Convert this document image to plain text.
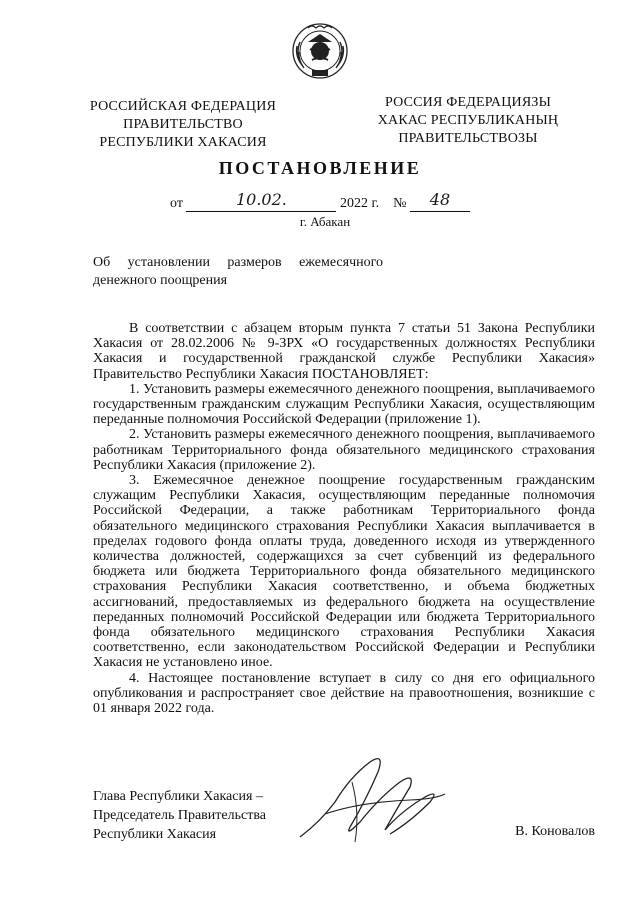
РОССИЙСКАЯ ФЕДЕРАЦИЯ
ПРАВИТЕЛЬСТВО
РЕСПУБЛИКИ ХАКАСИЯ
РОССИЯ ФЕДЕРАЦИЯЗЫ
ХАКАС РЕСПУБЛИКАНЫҢ
ПРАВИТЕЛЬСТВОЗЫ
ПОСТАНОВЛЕНИЕ
от	10.02.	2022 г. № 48
г. Абакан
Об установлении размеров ежемесячного денежного поощрения

В соответствии с абзацем вторым пункта 7 статьи 51 Закона Республики Хакасия от 28.02.2006 № 9-ЗРХ «О государственных должностях Республики Хакасия и государственной гражданской службе Республики Хакасия» Правительство Республики Хакасия ПОСТАНОВЛЯЕТ:

1. Установить размеры ежемесячного денежного поощрения, выплачиваемого государственным гражданским служащим Республики Хакасия, осуществляющим переданные полномочия Российской Федерации (приложение 1).

2. Установить размеры ежемесячного денежного поощрения, выплачиваемого работникам Территориального фонда обязательного медицинского страхования Республики Хакасия (приложение 2).

3. Ежемесячное денежное поощрение государственным гражданским служащим Республики Хакасия, осуществляющим переданные полномочия Российской Федерации, а также работникам Территориального фонда обязательного медицинского страхования Республики Хакасия выплачивается в пределах годового фонда оплаты труда, доведенного исходя из утвержденного количества должностей, содержащихся за счет субвенций из федерального бюджета или бюджета Территориального фонда обязательного медицинского страхования Республики Хакасия соответственно, и объема бюджетных ассигнований, предоставляемых из федерального бюджета на осуществление переданных полномочий Российской Федерации или бюджета Территориального фонда обязательного медицинского страхования Республики Хакасия соответственно, если законодательством Российской Федерации и Республики Хакасия не установлено иное.

4. Настоящее постановление вступает в силу со дня его официального опубликования и распространяет свое действие на правоотношения, возникшие с 01 января 2022 года.

Глава Республики Хакасия –
Председатель Правительства
Республики Хакасия	В. Коновалов
